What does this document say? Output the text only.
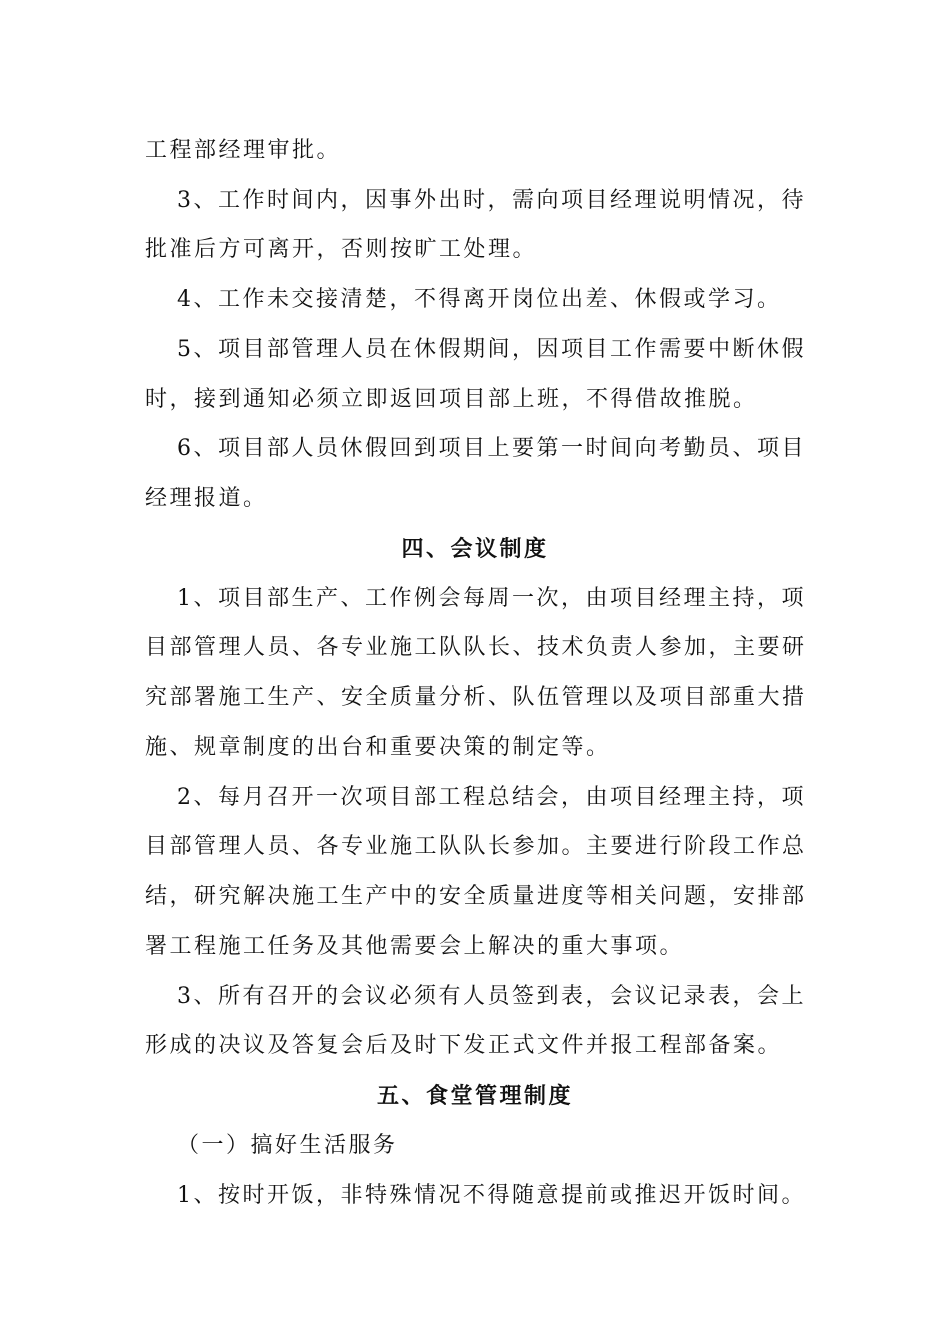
工程部经理审批。
3、工作时间内，因事外出时，需向项目经理说明情况，待
批准后方可离开，否则按旷工处理。
4、工作未交接清楚，不得离开岗位出差、休假或学习。
5、项目部管理人员在休假期间，因项目工作需要中断休假
时，接到通知必须立即返回项目部上班，不得借故推脱。
6、项目部人员休假回到项目上要第一时间向考勤员、项目
经理报道。
四、会议制度
1、项目部生产、工作例会每周一次，由项目经理主持，项
目部管理人员、各专业施工队队长、技术负责人参加，主要研
究部署施工生产、安全质量分析、队伍管理以及项目部重大措
施、规章制度的出台和重要决策的制定等。
2、每月召开一次项目部工程总结会，由项目经理主持，项
目部管理人员、各专业施工队队长参加。主要进行阶段工作总
结，研究解决施工生产中的安全质量进度等相关问题，安排部
署工程施工任务及其他需要会上解决的重大事项。
3、所有召开的会议必须有人员签到表，会议记录表，会上
形成的决议及答复会后及时下发正式文件并报工程部备案。
五、食堂管理制度
（一）搞好生活服务
1、按时开饭，非特殊情况不得随意提前或推迟开饭时间。
